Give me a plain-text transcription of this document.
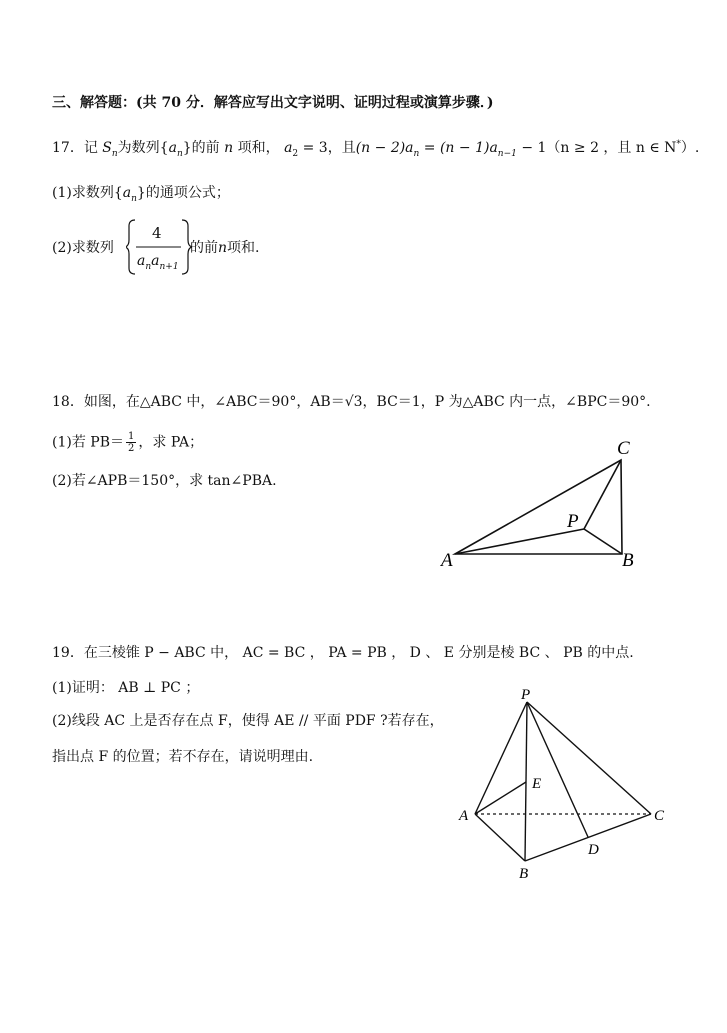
三、解答题：(共 70 分．解答应写出文字说明、证明过程或演算步骤．)
17．记 $S_n$为数列$\{a_n\}$的前 n 项和， $a_2 = 3$，且$(n - 2)a_n = (n - 1)a_{n-1} - 1(n \ge 2$ ，且 n ∈ N*）.
(1)求数列$\{a_n\}$的通项公式；
(2)求数列
4
$a_na_{n+1}$
的前n项和.
18．如图，在△ABC 中，∠ABC＝90°，AB＝√3，BC＝1，P 为△ABC 内一点，∠BPC＝90°.
(1)若 $PB= \frac{1}{2}$ ，求 PA；
(2)若∠APB＝150°，求 tan∠PBA.
A	B
C
P
19．在三棱锥 P − ABC 中， AC = BC ， PA = PB ， D 、 E 分别是棱 BC 、 PB 的中点.
(1)证明： AB ⊥ PC ；
(2)线段 AC 上是否存在点 F，使得 AE // 平面 PDF ?若存在，
指出点 F 的位置；若不存在，请说明理由.
P
A
B
C
D
E
